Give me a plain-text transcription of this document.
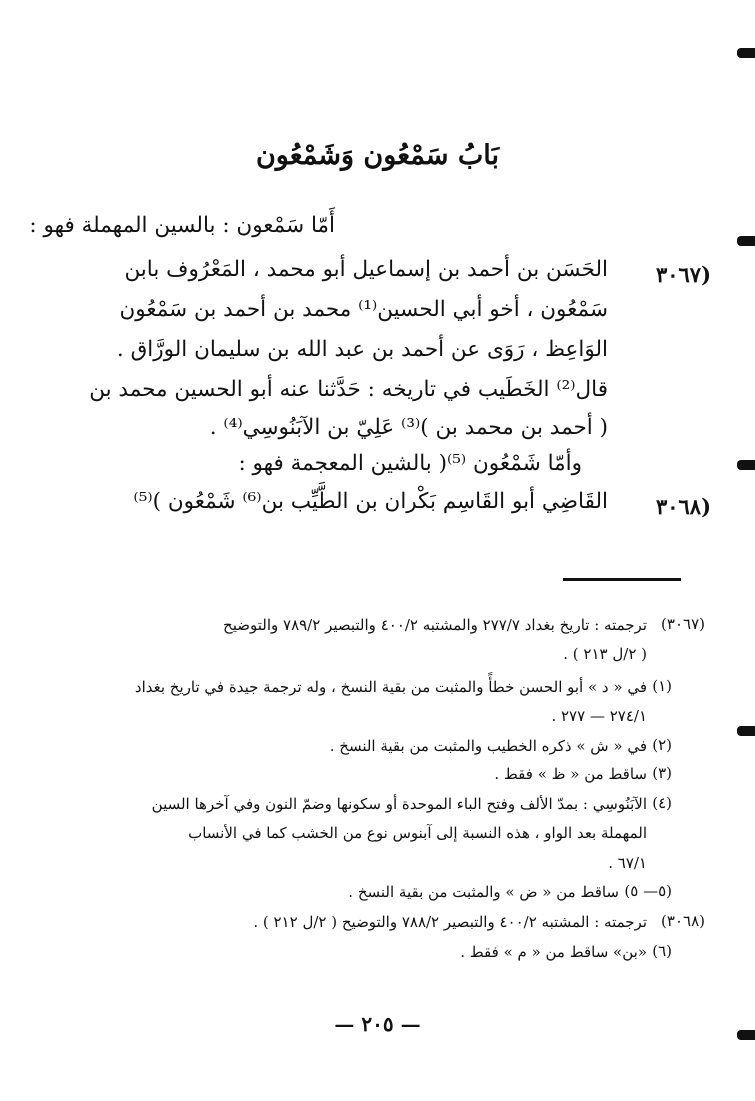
بَابُ سَمْعُون وَشَمْعُون
أَمّا سَمْعون : بالسين المهملة فهو :
(٣٠٦٧
الحَسَن بن أحمد بن إسماعيل أبو محمد ، المَعْرُوف بابن
سَمْعُون ، أخو أبي الحسين⁽¹⁾ محمد بن أحمد بن سَمْعُون
الوَاعِظ ، رَوَى عن أحمد بن عبد الله بن سليمان الورَّاق .
قال⁽²⁾ الخَطَيب في تاريخه : حَدَّثنا عنه أبو الحسين محمد بن
( أحمد بن محمد بن )⁽³⁾ عَلِيّ بن الآبَنُوسِي⁽⁴⁾ .
وأمّا شَمْعُون ⁽⁵⁾( بالشين المعجمة فهو :
(٣٠٦٨
القَاضِي أبو القَاسِم بَكْران بن الطَّيِّب بن⁽⁶⁾ شَمْعُون )⁽⁵⁾
(٣٠٦٧)
ترجمته : تاريخ بغداد ٢٧٧/٧ والمشتبه ٤٠٠/٢ والتبصير ٧٨٩/٢ والتوضيح
( ٢/ل ٢١٣ ) .
(١)
في « د » أبو الحسن خطأً والمثبت من بقية النسخ ، وله ترجمة جيدة في تاريخ بغداد
٢٧٤/١ — ٢٧٧ .
(٢)
في « ش » ذكره الخطيب والمثبت من بقية النسخ .
(٣)
ساقط من « ظ » فقط .
(٤)
الآبَنُوسِي : بمدّ الألف وفتح الباء الموحدة أو سكونها وضمّ النون وفي آخرها السين
المهملة بعد الواو ، هذه النسبة إلى آبنوس نوع من الخشب كما في الأنساب
٦٧/١ .
(٥— ٥)
ساقط من « ض » والمثبت من بقية النسخ .
(٣٠٦٨)
ترجمته : المشتبه ٤٠٠/٢ والتبصير ٧٨٨/٢ والتوضيح ( ٢/ل ٢١٢ ) .
(٦)
«بن» ساقط من « م » فقط .
— ٢٠٥ —
